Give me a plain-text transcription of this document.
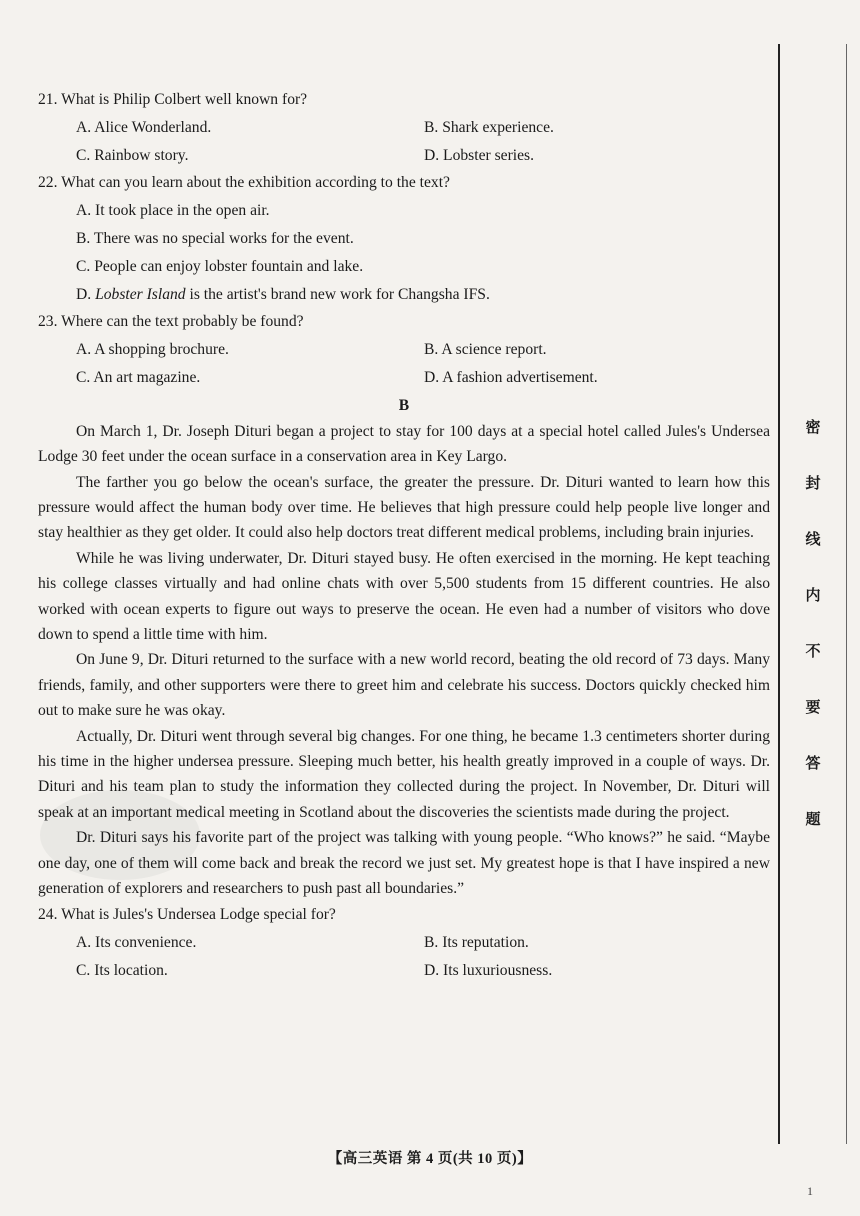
21. What is Philip Colbert well known for?
A. Alice Wonderland.	B. Shark experience.
C. Rainbow story.	D. Lobster series.
22. What can you learn about the exhibition according to the text?
A. It took place in the open air.
B. There was no special works for the event.
C. People can enjoy lobster fountain and lake.
D. Lobster Island is the artist's brand new work for Changsha IFS.
23. Where can the text probably be found?
A. A shopping brochure.	B. A science report.
C. An art magazine.	D. A fashion advertisement.
B
On March 1, Dr. Joseph Dituri began a project to stay for 100 days at a special hotel called Jules's Undersea Lodge 30 feet under the ocean surface in a conservation area in Key Largo.
The farther you go below the ocean's surface, the greater the pressure. Dr. Dituri wanted to learn how this pressure would affect the human body over time. He believes that high pressure could help people live longer and stay healthier as they get older. It could also help doctors treat different medical problems, including brain injuries.
While he was living underwater, Dr. Dituri stayed busy. He often exercised in the morning. He kept teaching his college classes virtually and had online chats with over 5,500 students from 15 different countries. He also worked with ocean experts to figure out ways to preserve the ocean. He even had a number of visitors who dove down to spend a little time with him.
On June 9, Dr. Dituri returned to the surface with a new world record, beating the old record of 73 days. Many friends, family, and other supporters were there to greet him and celebrate his success. Doctors quickly checked him out to make sure he was okay.
Actually, Dr. Dituri went through several big changes. For one thing, he became 1.3 centimeters shorter during his time in the higher undersea pressure. Sleeping much better, his health greatly improved in a couple of ways. Dr. Dituri and his team plan to study the information they collected during the project. In November, Dr. Dituri will speak at an important medical meeting in Scotland about the discoveries the scientists made during the project.
Dr. Dituri says his favorite part of the project was talking with young people. “Who knows?” he said. “Maybe one day, one of them will come back and break the record we just set. My greatest hope is that I have inspired a new generation of explorers and researchers to push past all boundaries.”
24. What is Jules's Undersea Lodge special for?
A. Its convenience.	B. Its reputation.
C. Its location.	D. Its luxuriousness.
密
封
线
内
不
要
答
题
【高三英语 第 4 页(共 10 页)】
1
